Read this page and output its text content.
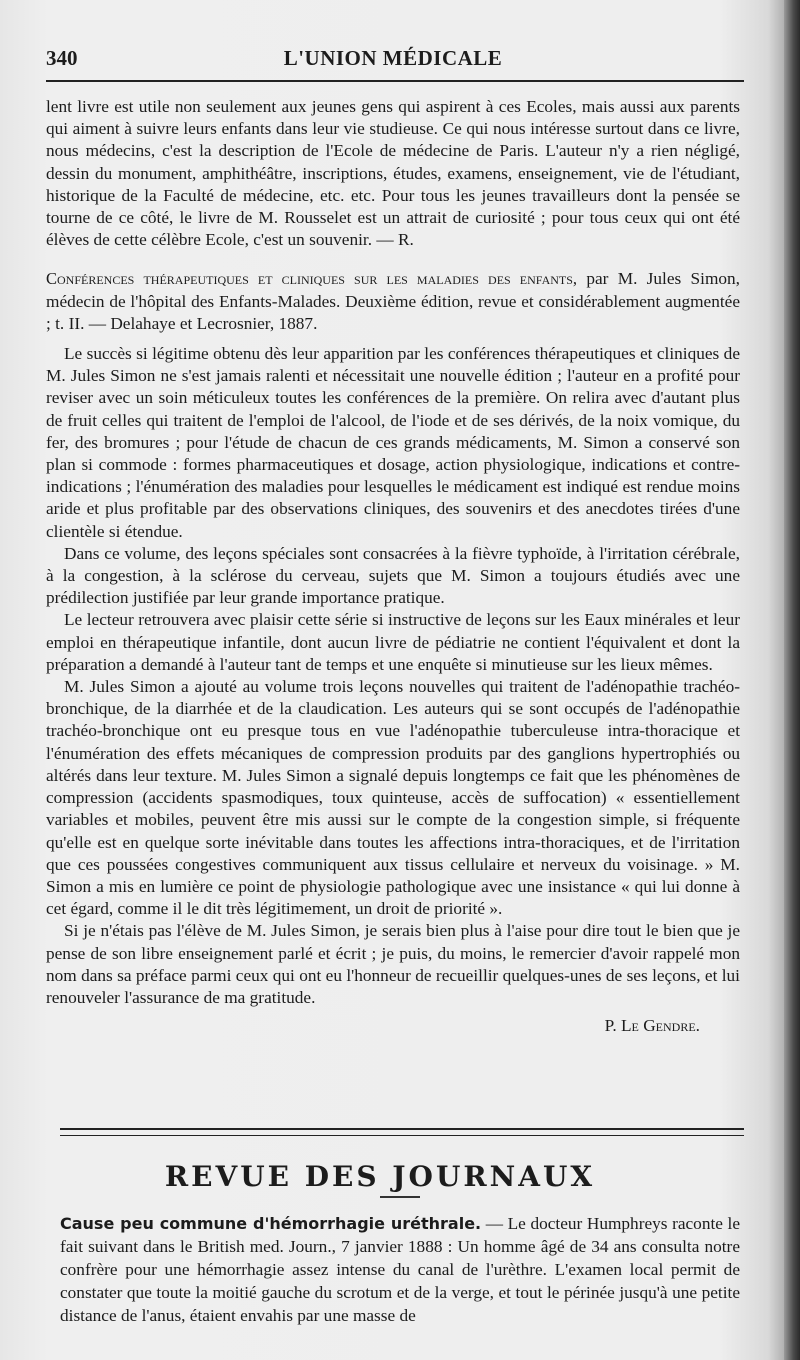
340	L'UNION MÉDICALE

lent livre est utile non seulement aux jeunes gens qui aspirent à ces Ecoles, mais aussi aux parents qui aiment à suivre leurs enfants dans leur vie studieuse. Ce qui nous intéresse surtout dans ce livre, nous médecins, c'est la description de l'Ecole de médecine de Paris. L'auteur n'y a rien négligé, dessin du monument, amphithéâtre, inscriptions, études, examens, enseignement, vie de l'étudiant, historique de la Faculté de médecine, etc. etc. Pour tous les jeunes travailleurs dont la pensée se tourne de ce côté, le livre de M. Rousselet est un attrait de curiosité ; pour tous ceux qui ont été élèves de cette célèbre Ecole, c'est un souvenir. — R.

Conférences thérapeutiques et cliniques sur les maladies des enfants, par M. Jules Simon, médecin de l'hôpital des Enfants-Malades. Deuxième édition, revue et considérablement augmentée ; t. II. — Delahaye et Lecrosnier, 1887.

Le succès si légitime obtenu dès leur apparition par les conférences thérapeutiques et cliniques de M. Jules Simon ne s'est jamais ralenti et nécessitait une nouvelle édition ; l'auteur en a profité pour reviser avec un soin méticuleux toutes les conférences de la première. On relira avec d'autant plus de fruit celles qui traitent de l'emploi de l'alcool, de l'iode et de ses dérivés, de la noix vomique, du fer, des bromures ; pour l'étude de chacun de ces grands médicaments, M. Simon a conservé son plan si commode : formes pharmaceutiques et dosage, action physiologique, indications et contre-indications ; l'énumération des maladies pour lesquelles le médicament est indiqué est rendue moins aride et plus profitable par des observations cliniques, des souvenirs et des anecdotes tirées d'une clientèle si étendue.

Dans ce volume, des leçons spéciales sont consacrées à la fièvre typhoïde, à l'irritation cérébrale, à la congestion, à la sclérose du cerveau, sujets que M. Simon a toujours étudiés avec une prédilection justifiée par leur grande importance pratique.

Le lecteur retrouvera avec plaisir cette série si instructive de leçons sur les Eaux minérales et leur emploi en thérapeutique infantile, dont aucun livre de pédiatrie ne contient l'équivalent et dont la préparation a demandé à l'auteur tant de temps et une enquête si minutieuse sur les lieux mêmes.

M. Jules Simon a ajouté au volume trois leçons nouvelles qui traitent de l'adénopathie trachéo-bronchique, de la diarrhée et de la claudication. Les auteurs qui se sont occupés de l'adénopathie trachéo-bronchique ont eu presque tous en vue l'adénopathie tuberculeuse intra-thoracique et l'énumération des effets mécaniques de compression produits par des ganglions hypertrophiés ou altérés dans leur texture. M. Jules Simon a signalé depuis longtemps ce fait que les phénomènes de compression (accidents spasmodiques, toux quinteuse, accès de suffocation) « essentiellement variables et mobiles, peuvent être mis aussi sur le compte de la congestion simple, si fréquente qu'elle est en quelque sorte inévitable dans toutes les affections intra-thoraciques, et de l'irritation que ces poussées congestives communiquent aux tissus cellulaire et nerveux du voisinage. » M. Simon a mis en lumière ce point de physiologie pathologique avec une insistance « qui lui donne à cet égard, comme il le dit très légitimement, un droit de priorité ».

Si je n'étais pas l'élève de M. Jules Simon, je serais bien plus à l'aise pour dire tout le bien que je pense de son libre enseignement parlé et écrit ; je puis, du moins, le remercier d'avoir rappelé mon nom dans sa préface parmi ceux qui ont eu l'honneur de recueillir quelques-unes de ses leçons, et lui renouveler l'assurance de ma gratitude.

P. Le Gendre.

REVUE DES JOURNAUX

Cause peu commune d'hémorrhagie uréthrale. — Le docteur Humphreys raconte le fait suivant dans le British med. Journ., 7 janvier 1888 : Un homme âgé de 34 ans consulta notre confrère pour une hémorrhagie assez intense du canal de l'urèthre. L'examen local permit de constater que toute la moitié gauche du scrotum et de la verge, et tout le périnée jusqu'à une petite distance de l'anus, étaient envahis par une masse de
